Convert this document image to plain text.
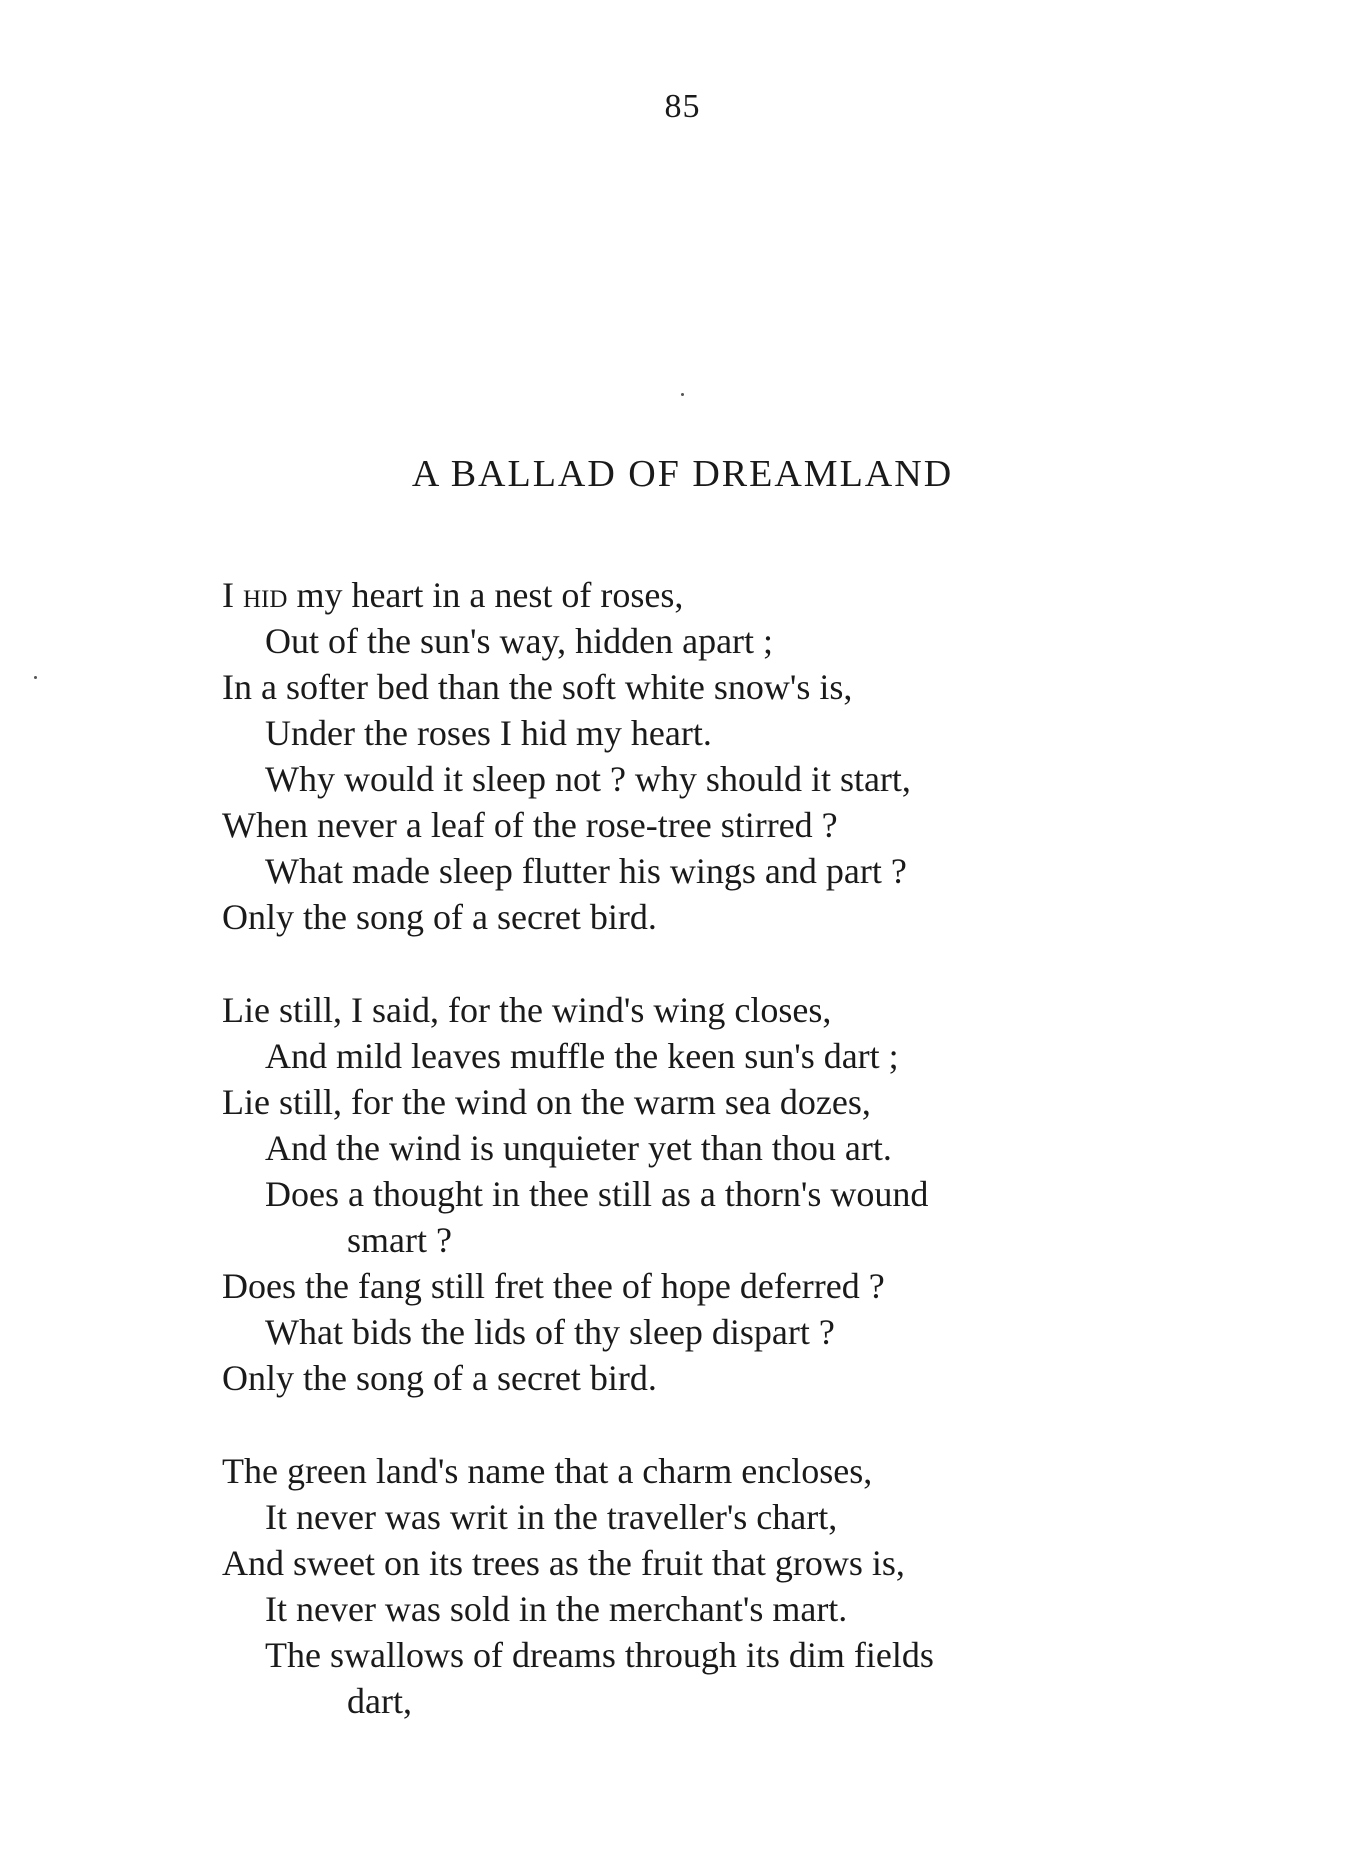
85
A BALLAD OF DREAMLAND
I hid my heart in a nest of roses,
Out of the sun's way, hidden apart ;
In a softer bed than the soft white snow's is,
Under the roses I hid my heart.
Why would it sleep not ? why should it start,
When never a leaf of the rose-tree stirred ?
What made sleep flutter his wings and part ?
Only the song of a secret bird.
Lie still, I said, for the wind's wing closes,
And mild leaves muffle the keen sun's dart ;
Lie still, for the wind on the warm sea dozes,
And the wind is unquieter yet than thou art.
Does a thought in thee still as a thorn's wound
smart ?
Does the fang still fret thee of hope deferred ?
What bids the lids of thy sleep dispart ?
Only the song of a secret bird.
The green land's name that a charm encloses,
It never was writ in the traveller's chart,
And sweet on its trees as the fruit that grows is,
It never was sold in the merchant's mart.
The swallows of dreams through its dim fields
dart,
